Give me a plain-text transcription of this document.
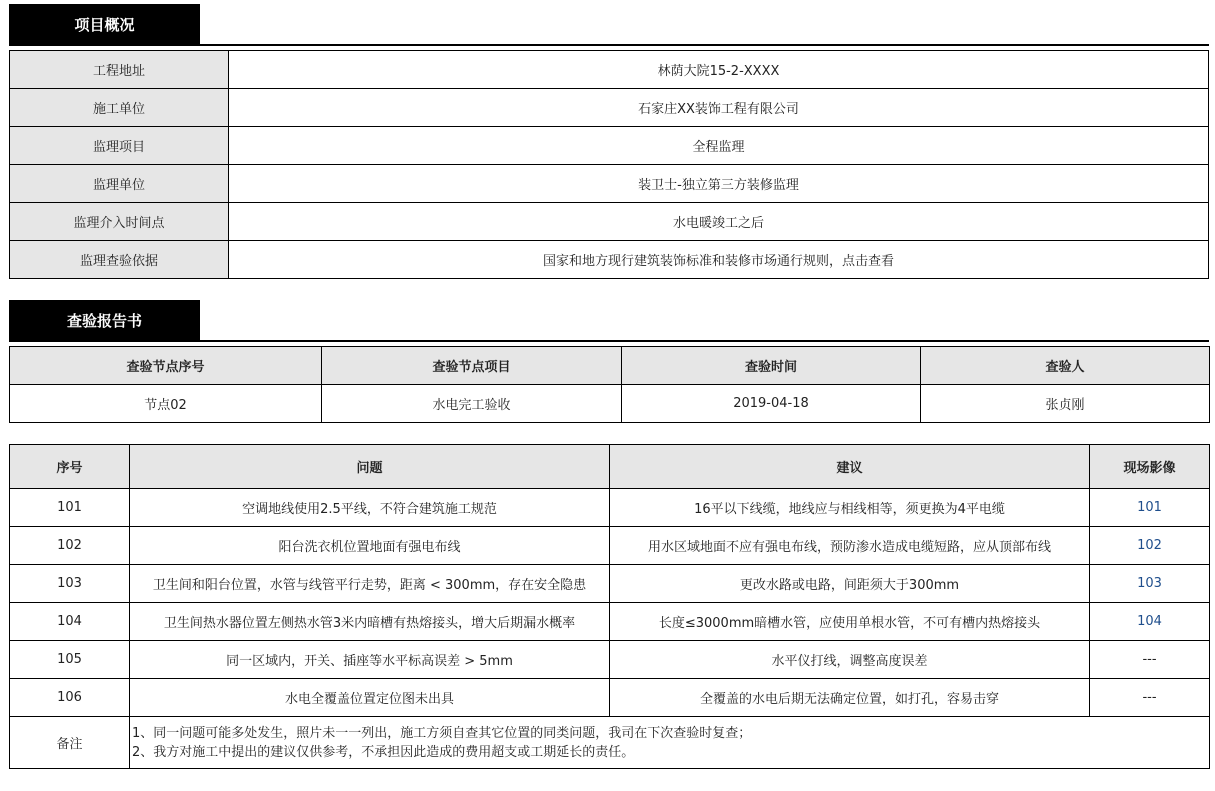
项目概况
工程地址	林荫大院15-2-XXXX
施工单位	石家庄XX装饰工程有限公司
监理项目	全程监理
监理单位	装卫士-独立第三方装修监理
监理介入时间点	水电暖竣工之后
监理查验依据	国家和地方现行建筑装饰标准和装修市场通行规则，点击查看
查验报告书
查验节点序号	查验节点项目	查验时间	查验人
节点02	水电完工验收	2019-04-18	张贞刚
序号	问题	建议	现场影像
101	空调地线使用2.5平线，不符合建筑施工规范	16平以下线缆，地线应与相线相等，须更换为4平电缆	101
102	阳台洗衣机位置地面有强电布线	用水区域地面不应有强电布线，预防渗水造成电缆短路，应从顶部布线	102
103	卫生间和阳台位置，水管与线管平行走势，距离 < 300mm，存在安全隐患	更改水路或电路，间距须大于300mm	103
104	卫生间热水器位置左侧热水管3米内暗槽有热熔接头，增大后期漏水概率	长度≤3000mm暗槽水管，应使用单根水管，不可有槽内热熔接头	104
105	同一区域内，开关、插座等水平标高误差 > 5mm	水平仪打线，调整高度误差	---
106	水电全覆盖位置定位图未出具	全覆盖的水电后期无法确定位置，如打孔，容易击穿	---
备注	1、同一问题可能多处发生，照片未一一列出，施工方须自查其它位置的同类问题，我司在下次查验时复查；
2、我方对施工中提出的建议仅供参考，不承担因此造成的费用超支或工期延长的责任。		
